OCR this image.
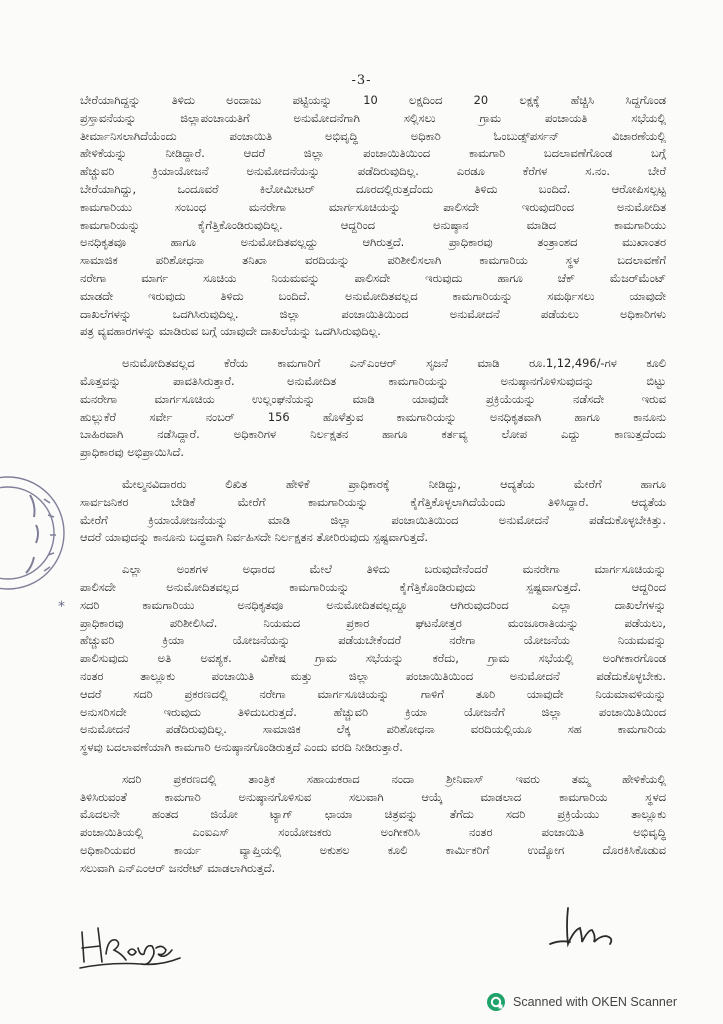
-3-
*
ಬೇರೆಯಾಗಿದ್ದನ್ನು ತಿಳಿದು ಅಂದಾಜು ಪಟ್ಟಿಯನ್ನು 10 ಲಕ್ಷದಿಂದ 20 ಲಕ್ಷಕ್ಕೆ ಹೆಚ್ಚಿಸಿ ಸಿದ್ದಗೊಂಡ
ಪ್ರಸ್ತಾವನೆಯನ್ನು ಜಿಲ್ಲಾಪಂಚಾಯತಿಗೆ ಅನುಮೋದನೆಗಾಗಿ ಸಲ್ಲಿಸಲು ಗ್ರಾಮ ಪಂಚಾಯತಿ ಸಭೆಯಲ್ಲಿ
ತೀರ್ಮಾನಿಸಲಾಗಿದೆಯೆಂದು ಪಂಚಾಯಿತಿ ಅಭಿವೃದ್ಧಿ ಅಧಿಕಾರಿ ಓಂಬುಡ್ಸ್‌ಪರ್ಸನ್ ವಿಚಾರಣೆಯಲ್ಲಿ
ಹೇಳಿಕೆಯನ್ನು ನೀಡಿದ್ದಾರೆ. ಆದರೆ ಜಿಲ್ಲಾ ಪಂಚಾಯಿತಿಯಿಂದ ಕಾಮಗಾರಿ ಬದಲಾವಣೆಗೊಂಡ ಬಗ್ಗೆ
ಹೆಚ್ಚುವರಿ ಕ್ರಿಯಾಯೋಜನೆ ಅನುಮೋದನೆಯನ್ನು ಪಡೆದಿರುವುದಿಲ್ಲ. ಎರಡೂ ಕೆರೆಗಳ ಸ.ನಂ. ಬೇರೆ
ಬೇರೆಯಾಗಿದ್ದು, ಒಂದೂವರೆ ಕಿಲೋಮೀಟರ್ ದೂರದಲ್ಲಿರುತ್ತದೆಂದು ತಿಳಿದು ಬಂದಿದೆ. ಆರೋಪಿಸಲ್ಪಟ್ಟ
ಕಾಮಗಾರಿಯು ಸಂಬಂಧ ಮನರೇಗಾ ಮಾರ್ಗಸೂಚಿಯನ್ನು ಪಾಲಿಸದೇ ಇರುವುದರಿಂದ ಅನುಮೋದಿತ
ಕಾಮಗಾರಿಯನ್ನು ಕೈಗೆತ್ತಿಕೊಂಡಿರುವುದಿಲ್ಲ. ಆದ್ದರಿಂದ ಅನುಷ್ಠಾನ ಮಾಡಿದ ಕಾಮಗಾರಿಯು
ಅನಧಿಕೃತವೂ ಹಾಗೂ ಅನುಮೋದಿತವಲ್ಲದ್ದು ಆಗಿರುತ್ತದೆ. ಪ್ರಾಧಿಕಾರವು ತಂತ್ರಾಂಶದ ಮುಖಾಂತರ
ಸಾಮಾಜಿಕ ಪರಿಶೋಧನಾ ತನಿಖಾ ವರದಿಯನ್ನು ಪರಿಶೀಲಿಸಲಾಗಿ ಕಾಮಗಾರಿಯ ಸ್ಥಳ ಬದಲಾವಣೆಗೆ
ನರೇಗಾ ಮಾರ್ಗ ಸೂಚಿಯ ನಿಯಮವನ್ನು ಪಾಲಿಸದೇ ಇರುವುದು ಹಾಗೂ ಚೆಕ್ ಮೆಜರ್‌ಮೆಂಟ್
ಮಾಡದೇ ಇರುವುದು ತಿಳಿದು ಬಂದಿದೆ. ಅನುಮೋದಿತವಲ್ಲದ ಕಾಮಗಾರಿಯನ್ನು ಸಮರ್ಥಿಸಲು ಯಾವುದೇ
ದಾಖಲೆಗಳನ್ನು ಒದಗಿಸಿರುವುದಿಲ್ಲ. ಜಿಲ್ಲಾ ಪಂಚಾಯಿತಿಯಿಂದ ಅನುಮೋದನೆ ಪಡೆಯಲು ಅಧಿಕಾರಿಗಳು
ಪತ್ರ ವ್ಯವಹಾರಗಳನ್ನು ಮಾಡಿರುವ ಬಗ್ಗೆ ಯಾವುದೇ ದಾಖಲೆಯನ್ನು ಒದಗಿಸಿರುವುದಿಲ್ಲ.
ಅನುಮೋದಿತವಲ್ಲದ ಕೆರೆಯ ಕಾಮಗಾರಿಗೆ ಎನ್‌ಎಂಆರ್ ಸೃಜನೆ ಮಾಡಿ ರೂ.1,12,496/-ಗಳ ಕೂಲಿ
ಮೊತ್ತವನ್ನು ಪಾವತಿಸಿರುತ್ತಾರೆ. ಅನುಮೋದಿತ ಕಾಮಗಾರಿಯನ್ನು ಅನುಷ್ಠಾನಗೊಳಿಸುವುದನ್ನು ಬಿಟ್ಟು
ಮನರೇಗಾ ಮಾರ್ಗಸೂಚಿಯ ಉಲ್ಲಂಘನೆಯನ್ನು ಮಾಡಿ ಯಾವುದೇ ಪ್ರಕ್ರಿಯೆಯನ್ನು ನಡೆಸದೇ ಇರುವ
ಹುಲ್ಲುಕೆರೆ ಸರ್ವೇ ನಂಬರ್ 156 ಹೊಳೆತ್ತುವ ಕಾಮಗಾರಿಯನ್ನು ಅನಧಿಕೃತವಾಗಿ ಹಾಗೂ ಕಾನೂನು
ಬಾಹಿರವಾಗಿ ನಡೆಸಿದ್ದಾರೆ. ಅಧಿಕಾರಿಗಳ ನಿರ್ಲಕ್ಷತನ ಹಾಗೂ ಕರ್ತವ್ಯ ಲೋಪ ಎದ್ದು ಕಾಣುತ್ತದೆಂದು
ಪ್ರಾಧಿಕಾರವು ಅಭಿಪ್ರಾಯಿಸಿದೆ.
ಮೇಲ್ಮನವಿದಾರರು ಲಿಖಿತ ಹೇಳಿಕೆ ಪ್ರಾಧಿಕಾರಕ್ಕೆ ನೀಡಿದ್ದು, ಆದ್ಯತೆಯ ಮೇರೆಗೆ ಹಾಗೂ
ಸಾರ್ವಜನಿಕರ ಬೇಡಿಕೆ ಮೇರೆಗೆ ಕಾಮಗಾರಿಯನ್ನು ಕೈಗೆತ್ತಿಕೊಳ್ಳಲಾಗಿದೆಯೆಂದು ತಿಳಿಸಿದ್ದಾರೆ. ಆದ್ಯತೆಯ
ಮೇರೆಗೆ ಕ್ರಿಯಾಯೋಜನೆಯನ್ನು ಮಾಡಿ ಜಿಲ್ಲಾ ಪಂಚಾಯಿತಿಯಿಂದ ಅನುಮೋದನೆ ಪಡೆದುಕೊಳ್ಳಬೇಕಿತ್ತು.
ಆದರೆ ಯಾವುದನ್ನು ಕಾನೂನು ಬದ್ಧವಾಗಿ ನಿರ್ವಹಿಸದೇ ನಿರ್ಲಕ್ಷತನ ತೋರಿರುವುದು ಸ್ಪಷ್ಟವಾಗುತ್ತದೆ.
ಎಲ್ಲಾ ಅಂಶಗಳ ಅಧಾರದ ಮೇಲೆ ತಿಳಿದು ಬರುವುದೇನೆಂದರೆ ಮನರೇಗಾ ಮಾರ್ಗಸೂಚಿಯನ್ನು
ಪಾಲಿಸದೇ ಅನುಮೋದಿತವಲ್ಲದ ಕಾಮಗಾರಿಯನ್ನು ಕೈಗೆತ್ತಿಕೊಂಡಿರುವುದು ಸ್ಪಷ್ಟವಾಗುತ್ತದೆ. ಆದ್ದರಿಂದ
ಸದರಿ ಕಾಮಗಾರಿಯು ಅನಧಿಕೃತವೂ ಅನುಮೋದಿತವಲ್ಲದ್ದೂ ಆಗಿರುವುದರಿಂದ ಎಲ್ಲಾ ದಾಖಲೆಗಳನ್ನು
ಪ್ರಾಧಿಕಾರವು ಪರಿಶೀಲಿಸಿದೆ. ನಿಯಮದ ಪ್ರಕಾರ ಘಟನೋತ್ತರ ಮಂಜೂರಾತಿಯನ್ನು ಪಡೆಯಲು,
ಹೆಚ್ಚುವರಿ ಕ್ರಿಯಾ ಯೋಜನೆಯನ್ನು ಪಡೆಯಬೇಕೆಂದರೆ ನರೇಗಾ ಯೋಜನೆಯ ನಿಯಮವನ್ನು
ಪಾಲಿಸುವುದು ಅತಿ ಅವಶ್ಯಕ. ವಿಶೇಷ ಗ್ರಾಮ ಸಭೆಯನ್ನು ಕರೆದು, ಗ್ರಾಮ ಸಭೆಯಲ್ಲಿ ಅಂಗೀಕಾರಗೊಂಡ
ನಂತರ ತಾಲ್ಲೂಕು ಪಂಚಾಯಿತಿ ಮತ್ತು ಜಿಲ್ಲಾ ಪಂಚಾಯಿತಿಯಿಂದ ಅನುಮೋದನೆ ಪಡೆದುಕೊಳ್ಳಬೇಕು.
ಆದರೆ ಸದರಿ ಪ್ರಕರಣದಲ್ಲಿ ನರೇಗಾ ಮಾರ್ಗಸೂಚಿಯನ್ನು ಗಾಳಿಗೆ ತೂರಿ ಯಾವುದೇ ನಿಯಮಾವಳಿಯನ್ನು
ಅನುಸರಿಸದೇ ಇರುವುದು ತಿಳಿದುಬರುತ್ತದೆ. ಹೆಚ್ಚುವರಿ ಕ್ರಿಯಾ ಯೋಜನೆಗೆ ಜಿಲ್ಲಾ ಪಂಚಾಯಿತಿಯಿಂದ
ಅನುಮೋದನೆ ಪಡೆದಿರುವುದಿಲ್ಲ. ಸಾಮಾಜಿಕ ಲೆಕ್ಕ ಪರಿಶೋಧನಾ ವರದಿಯಲ್ಲಿಯೂ ಸಹ ಕಾಮಗಾರಿಯ
ಸ್ಥಳವು ಬದಲಾವಣೆಯಾಗಿ ಕಾಮಗಾರಿ ಅನುಷ್ಠಾನಗೊಂಡಿರುತ್ತದೆ ಎಂದು ವರದಿ ನೀಡಿರುತ್ತಾರೆ.
ಸದರಿ ಪ್ರಕರಣದಲ್ಲಿ ತಾಂತ್ರಿಕ ಸಹಾಯಕರಾದ ನಂದಾ ಶ್ರೀನಿವಾಸ್ ಇವರು ತಮ್ಮ ಹೇಳಿಕೆಯಲ್ಲಿ
ತಿಳಿಸಿರುವಂತೆ ಕಾಮಗಾರಿ ಅನುಷ್ಠಾನಗೊಳಿಸುವ ಸಲುವಾಗಿ ಆಯ್ಕೆ ಮಾಡಲಾದ ಕಾಮಗಾರಿಯ ಸ್ಥಳದ
ಮೊದಲನೇ ಹಂತದ ಜಿಯೋ ಟ್ಯಾಗ್ ಛಾಯಾ ಚಿತ್ರವನ್ನು ತೆಗೆದು ಸದರಿ ಪ್ರಕ್ರಿಯೆಯು ತಾಲ್ಲೂಕು
ಪಂಚಾಯಿತಿಯಲ್ಲಿ ಎಂಐಎಸ್ ಸಂಯೋಜಕರು ಅಂಗೀಕರಿಸಿ ನಂತರ ಪಂಚಾಯಿತಿ ಅಭಿವೃದ್ಧಿ
ಅಧಿಕಾರಿಯವರ ಕಾರ್ಯ ವ್ಯಾಪ್ತಿಯಲ್ಲಿ ಅಕುಶಲ ಕೂಲಿ ಕಾರ್ಮಿಕರಿಗೆ ಉದ್ಯೋಗ ದೊರಕಿಸಿಕೊಡುವ
ಸಲುವಾಗಿ ಎನ್‌ಎಂಆರ್ ಜನರೇಟ್ ಮಾಡಲಾಗಿರುತ್ತದೆ.
Scanned with OKEN Scanner
